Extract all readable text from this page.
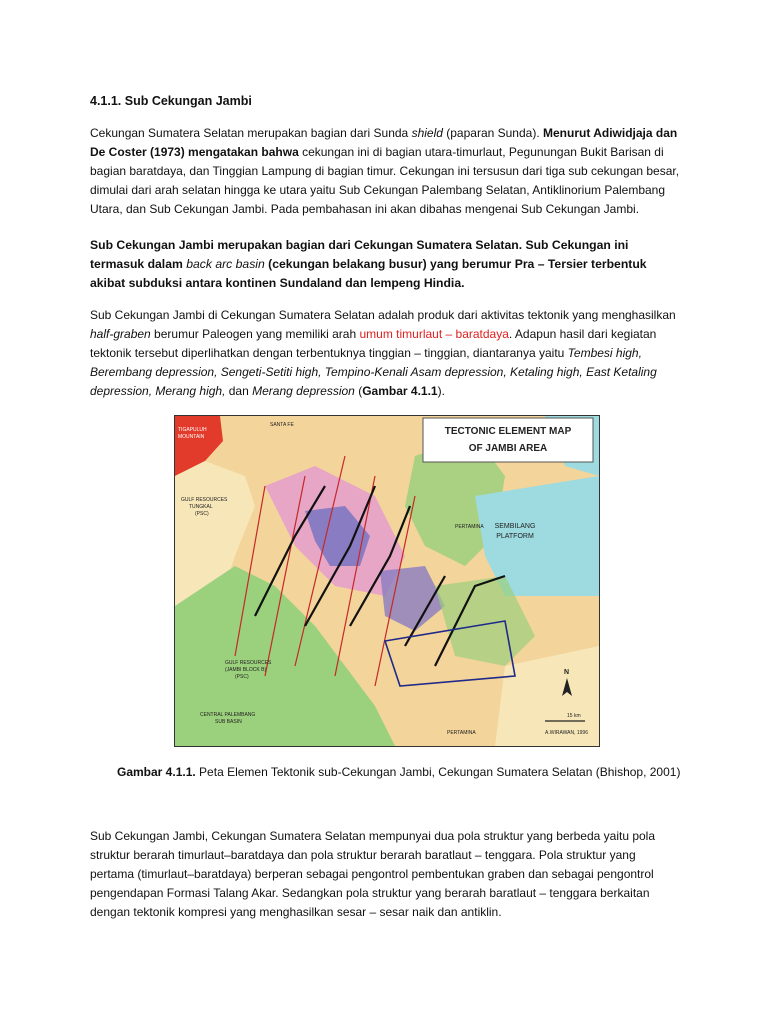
4.1.1. Sub Cekungan Jambi
Cekungan Sumatera Selatan merupakan bagian dari Sunda shield (paparan Sunda). Menurut Adiwidjaja dan De Coster (1973) mengatakan bahwa cekungan ini di bagian utara-timurlaut, Pegunungan Bukit Barisan di bagian baratdaya, dan Tinggian Lampung di bagian timur. Cekungan ini tersusun dari tiga sub cekungan besar, dimulai dari arah selatan hingga ke utara yaitu Sub Cekungan Palembang Selatan, Antiklinorium Palembang Utara, dan Sub Cekungan Jambi. Pada pembahasan ini akan dibahas mengenai Sub Cekungan Jambi.
Sub Cekungan Jambi merupakan bagian dari Cekungan Sumatera Selatan. Sub Cekungan ini termasuk dalam back arc basin (cekungan belakang busur) yang berumur Pra – Tersier terbentuk akibat subduksi antara kontinen Sundaland dan lempeng Hindia.
Sub Cekungan Jambi di Cekungan Sumatera Selatan adalah produk dari aktivitas tektonik yang menghasilkan half-graben berumur Paleogen yang memiliki arah umum timurlaut – baratdaya. Adapun hasil dari kegiatan tektonik tersebut diperlihatkan dengan terbentuknya tinggian – tinggian, diantaranya yaitu Tembesi high, Berembang depression, Sengeti-Setiti high, Tempino-Kenali Asam depression, Ketaling high, East Ketaling depression, Merang high, dan Merang depression (Gambar 4.1.1).
TECTONIC ELEMENT MAP
OF JAMBI AREA
TIGAPULUH
MOUNTAIN
SANTA FE
GULF RESOURCES
TUNGKAL
(PSC)
SEMBILANG
PLATFORM
GULF RESOURCES
(JAMBI BLOCK B)
(PSC)
CENTRAL PALEMBANG
SUB BASIN
PERTAMINA
PERTAMINA	A.WIRAWAN, 1996
15 km
N
Gambar 4.1.1. Peta Elemen Tektonik sub-Cekungan Jambi, Cekungan Sumatera Selatan (Bhishop, 2001)
Sub Cekungan Jambi, Cekungan Sumatera Selatan mempunyai dua pola struktur yang berbeda yaitu pola struktur berarah timurlaut–baratdaya dan pola struktur berarah baratlaut – tenggara. Pola struktur yang pertama (timurlaut–baratdaya) berperan sebagai pengontrol pembentukan graben dan sebagai pengontrol pengendapan Formasi Talang Akar. Sedangkan pola struktur yang berarah baratlaut – tenggara berkaitan dengan tektonik kompresi yang menghasilkan sesar – sesar naik dan antiklin.
